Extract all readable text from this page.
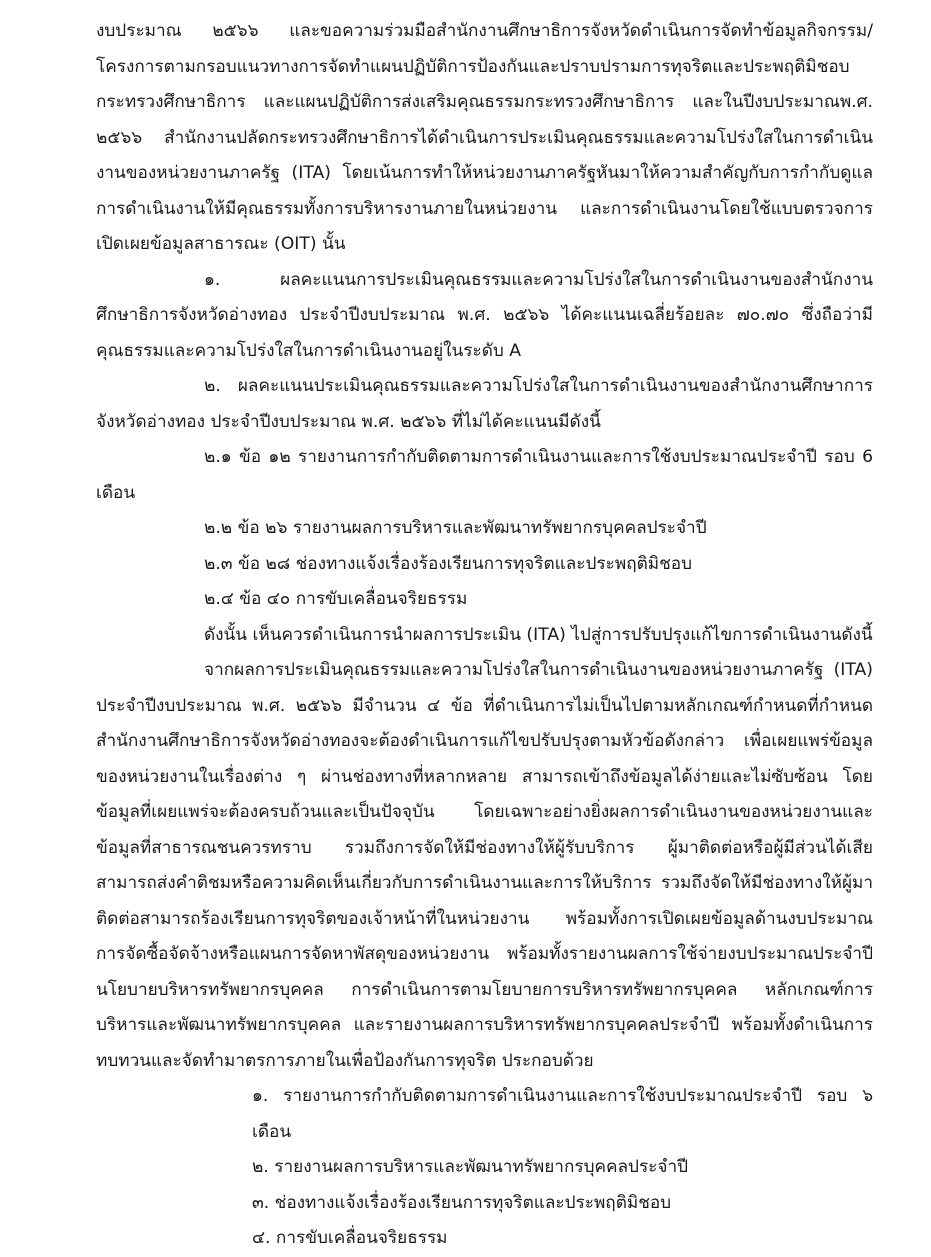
งบประมาณ ๒๕๖๖ และขอความร่วมมือสำนักงานศึกษาธิการจังหวัดดำเนินการจัดทำข้อมูลกิจกรรม/โครงการตามกรอบแนวทางการจัดทำแผนปฏิบัติการป้องกันและปราบปรามการทุจริตและประพฤติมิชอบกระทรวงศึกษาธิการ และแผนปฏิบัติการส่งเสริมคุณธรรมกระทรวงศึกษาธิการ และในปีงบประมาณพ.ศ. ๒๕๖๖ สำนักงานปลัดกระทรวงศึกษาธิการได้ดำเนินการประเมินคุณธรรมและความโปร่งใสในการดำเนินงานของหน่วยงานภาครัฐ (ITA) โดยเน้นการทำให้หน่วยงานภาครัฐหันมาให้ความสำคัญกับการกำกับดูแลการดำเนินงานให้มีคุณธรรมทั้งการบริหารงานภายในหน่วยงาน และการดำเนินงานโดยใช้แบบตรวจการเปิดเผยข้อมูลสาธารณะ (OIT) นั้น

๑. ผลคะแนนการประเมินคุณธรรมและความโปร่งใสในการดำเนินงานของสำนักงานศึกษาธิการจังหวัดอ่างทอง ประจำปีงบประมาณ พ.ศ. ๒๕๖๖ ได้คะแนนเฉลี่ยร้อยละ ๗๐.๗๐ ซึ่งถือว่ามีคุณธรรมและความโปร่งใสในการดำเนินงานอยู่ในระดับ A

๒. ผลคะแนนประเมินคุณธรรมและความโปร่งใสในการดำเนินงานของสำนักงานศึกษาการจังหวัดอ่างทอง ประจำปีงบประมาณ พ.ศ. ๒๕๖๖ ที่ไม่ได้คะแนนมีดังนี้

๒.๑ ข้อ ๑๒ รายงานการกำกับติดตามการดำเนินงานและการใช้งบประมาณประจำปี รอบ 6 เดือน

๒.๒ ข้อ ๒๖ รายงานผลการบริหารและพัฒนาทรัพยากรบุคคลประจำปี

๒.๓ ข้อ ๒๘ ช่องทางแจ้งเรื่องร้องเรียนการทุจริตและประพฤติมิชอบ

๒.๔ ข้อ ๔๐ การขับเคลื่อนจริยธรรม

ดังนั้น เห็นควรดำเนินการนำผลการประเมิน (ITA) ไปสู่การปรับปรุงแก้ไขการดำเนินงานดังนี้

จากผลการประเมินคุณธรรมและความโปร่งใสในการดำเนินงานของหน่วยงานภาครัฐ (ITA) ประจำปีงบประมาณ พ.ศ. ๒๕๖๖ มีจำนวน ๔ ข้อ ที่ดำเนินการไม่เป็นไปตามหลักเกณฑ์กำหนดที่กำหนด สำนักงานศึกษาธิการจังหวัดอ่างทองจะต้องดำเนินการแก้ไขปรับปรุงตามหัวข้อดังกล่าว เพื่อเผยแพร่ข้อมูลของหน่วยงานในเรื่องต่าง ๆ ผ่านช่องทางที่หลากหลาย สามารถเข้าถึงข้อมูลได้ง่ายและไม่ซับซ้อน โดยข้อมูลที่เผยแพร่จะต้องครบถ้วนและเป็นปัจจุบัน โดยเฉพาะอย่างยิ่งผลการดำเนินงานของหน่วยงานและข้อมูลที่สาธารณชนควรทราบ รวมถึงการจัดให้มีช่องทางให้ผู้รับบริการ ผู้มาติดต่อหรือผู้มีส่วนได้เสีย สามารถส่งคำติชมหรือความคิดเห็นเกี่ยวกับการดำเนินงานและการให้บริการ รวมถึงจัดให้มีช่องทางให้ผู้มาติดต่อสามารถร้องเรียนการทุจริตของเจ้าหน้าที่ในหน่วยงาน พร้อมทั้งการเปิดเผยข้อมูลด้านงบประมาณ การจัดซื้อจัดจ้างหรือแผนการจัดหาพัสดุของหน่วยงาน พร้อมทั้งรายงานผลการใช้จ่ายงบประมาณประจำปี นโยบายบริหารทรัพยากรบุคคล การดำเนินการตามโยบายการบริหารทรัพยากรบุคคล หลักเกณฑ์การบริหารและพัฒนาทรัพยากรบุคคล และรายงานผลการบริหารทรัพยากรบุคคลประจำปี พร้อมทั้งดำเนินการทบทวนและจัดทำมาตรการภายในเพื่อป้องกันการทุจริต ประกอบด้วย

๑. รายงานการกำกับติดตามการดำเนินงานและการใช้งบประมาณประจำปี รอบ ๖ เดือน

๒. รายงานผลการบริหารและพัฒนาทรัพยากรบุคคลประจำปี

๓. ช่องทางแจ้งเรื่องร้องเรียนการทุจริตและประพฤติมิชอบ

๔. การขับเคลื่อนจริยธรรม
